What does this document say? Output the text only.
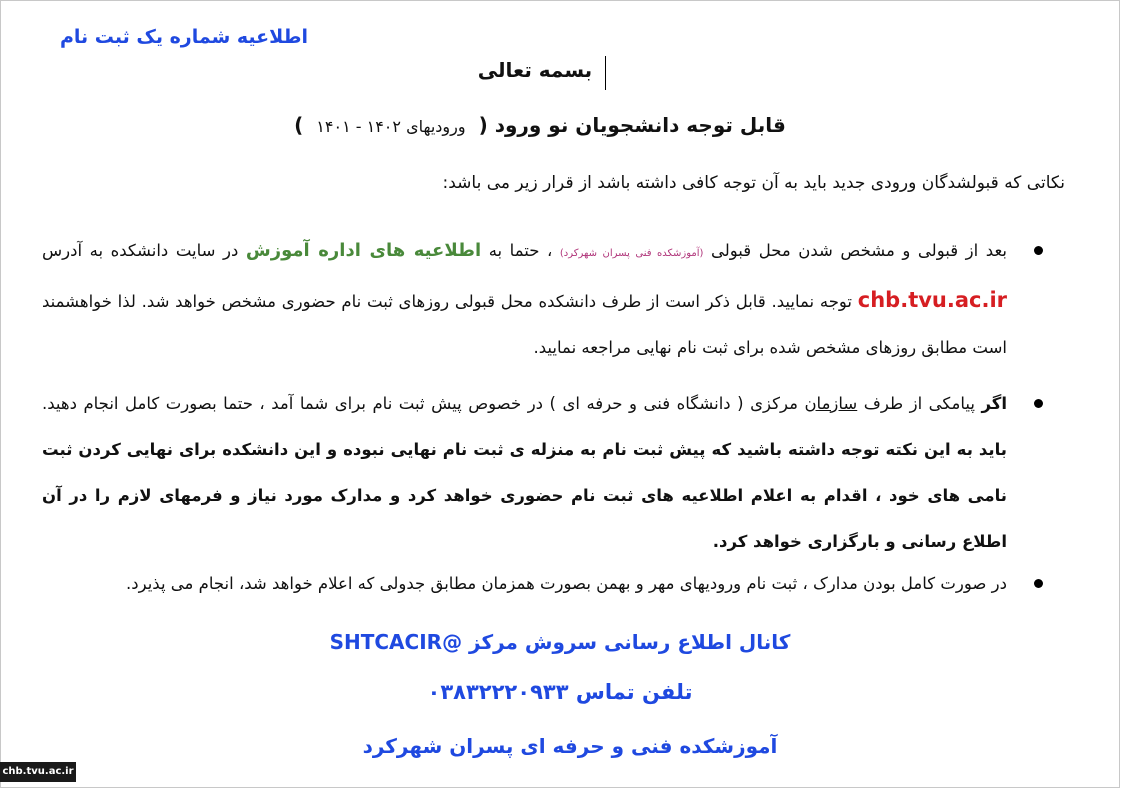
اطلاعیه شماره یک ثبت نام
بسمه تعالی
قابل توجه دانشجویان نو ورود ( ورودیهای ۱۴۰۲ - ۱۴۰۱ )
نکاتی که قبولشدگان ورودی جدید باید به آن توجه کافی داشته باشد از قرار زیر می باشد:
بعد از قبولی و مشخص شدن محل قبولی (آموزشکده فنی پسران شهرکرد) ، حتما به اطلاعیه های اداره آموزش در سایت دانشکده به آدرس chb.tvu.ac.ir توجه نمایید. قابل ذکر است از طرف دانشکده محل قبولی روزهای ثبت نام حضوری مشخص خواهد شد. لذا خواهشمند است مطابق روزهای مشخص شده برای ثبت نام نهایی مراجعه نمایید.
اگر پیامکی از طرف سازمان مرکزی ( دانشگاه فنی و حرفه ای ) در خصوص پیش ثبت نام برای شما آمد ، حتما بصورت کامل انجام دهید. باید به این نکته توجه داشته باشید که پیش ثبت نام به منزله ی ثبت نام نهایی نبوده و این دانشکده برای نهایی کردن ثبت نامی های خود ، اقدام به اعلام اطلاعیه های ثبت نام حضوری خواهد کرد و مدارک مورد نیاز و فرمهای لازم را در آن اطلاع رسانی و بارگزاری خواهد کرد.
در صورت کامل بودن مدارک ، ثبت نام ورودیهای مهر و بهمن بصورت همزمان مطابق جدولی که اعلام خواهد شد، انجام می پذیرد.
کانال اطلاع رسانی سروش مرکز @SHTCACIR
تلفن تماس ۰۳۸۳۲۲۲۰۹۳۳
آموزشکده فنی و حرفه ای پسران شهرکرد
chb.tvu.ac.ir
